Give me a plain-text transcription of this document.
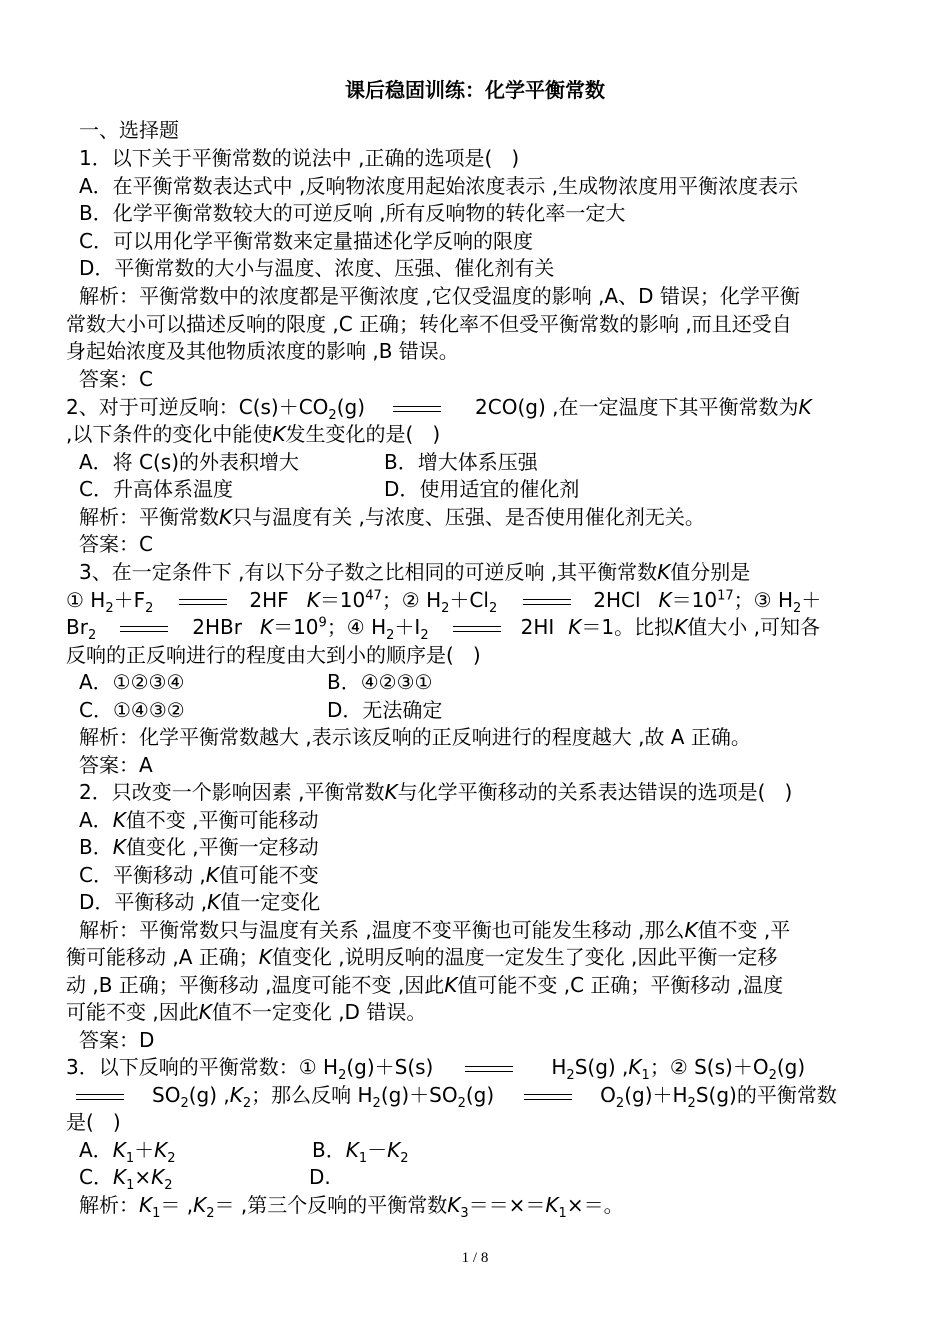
课后稳固训练：化学平衡常数
一、选择题
1．以下关于平衡常数的说法中 ,正确的选项是(   )
A．在平衡常数表达式中 ,反响物浓度用起始浓度表示 ,生成物浓度用平衡浓度表示
B．化学平衡常数较大的可逆反响 ,所有反响物的转化率一定大
C．可以用化学平衡常数来定量描述化学反响的限度
D．平衡常数的大小与温度、浓度、压强、催化剂有关
解析：平衡常数中的浓度都是平衡浓度 ,它仅受温度的影响 ,A、D 错误；化学平衡
常数大小可以描述反响的限度 ,C 正确；转化率不但受平衡常数的影响 ,而且还受自
身起始浓度及其他物质浓度的影响 ,B 错误。
答案：C
2、对于可逆反响：$C(s)+CO_2(g)$	2CO(g) ,在一定温度下其平衡常数为K
,以下条件的变化中能使K发生变化的是(   )
A．将 C(s)的外表积增大	B．增大体系压强
C．升高体系温度	D．使用适宜的催化剂
解析：平衡常数K只与温度有关 ,与浓度、压强、是否使用催化剂无关。
答案：C
3、在一定条件下 ,有以下分子数之比相同的可逆反响 ,其平衡常数K值分别是
① $H_2+F_2$	2HF $K=10^{47}$；② $H_2+Cl_2$	2HCl $K=10^{17}$；③ $H_2+$
$Br_2$	2HBr $K=10^9$；④ $H_2+I_2$	2HI K＝1。比拟K值大小 ,可知各
反响的正反响进行的程度由大到小的顺序是(   )
A．①②③④	B．④②③①
C．①④③②	D．无法确定
解析：化学平衡常数越大 ,表示该反响的正反响进行的程度越大 ,故 A 正确。
答案：A
2．只改变一个影响因素 ,平衡常数K与化学平衡移动的关系表达错误的选项是(   )
A．K值不变 ,平衡可能移动
B．K值变化 ,平衡一定移动
C．平衡移动 ,K值可能不变
D．平衡移动 ,K值一定变化
解析：平衡常数只与温度有关系 ,温度不变平衡也可能发生移动 ,那么K值不变 ,平
衡可能移动 ,A 正确；K值变化 ,说明反响的温度一定发生了变化 ,因此平衡一定移
动 ,B 正确；平衡移动 ,温度可能不变 ,因此K值可能不变 ,C 正确；平衡移动 ,温度
可能不变 ,因此K值不一定变化 ,D 错误。
答案：D
3．以下反响的平衡常数：① $H_2(g)+S(s)$	$H_2S(g)$ $,K_1$；② $S(s)+O_2(g)$
$SO_2(g)$ $,K_2$；那么反响 $H_2(g)+SO_2(g)$	$O_2(g)+H_2S(g)$的平衡常数
是(   )
A．$K_1+K_2$	B．$K_1-K_2$
C．$K_1\times K_2$	D.
解析：$K_1= ,K_2=$ ,第三个反响的平衡常数$K_3==\times=K_1\times=$。
1 / 8
